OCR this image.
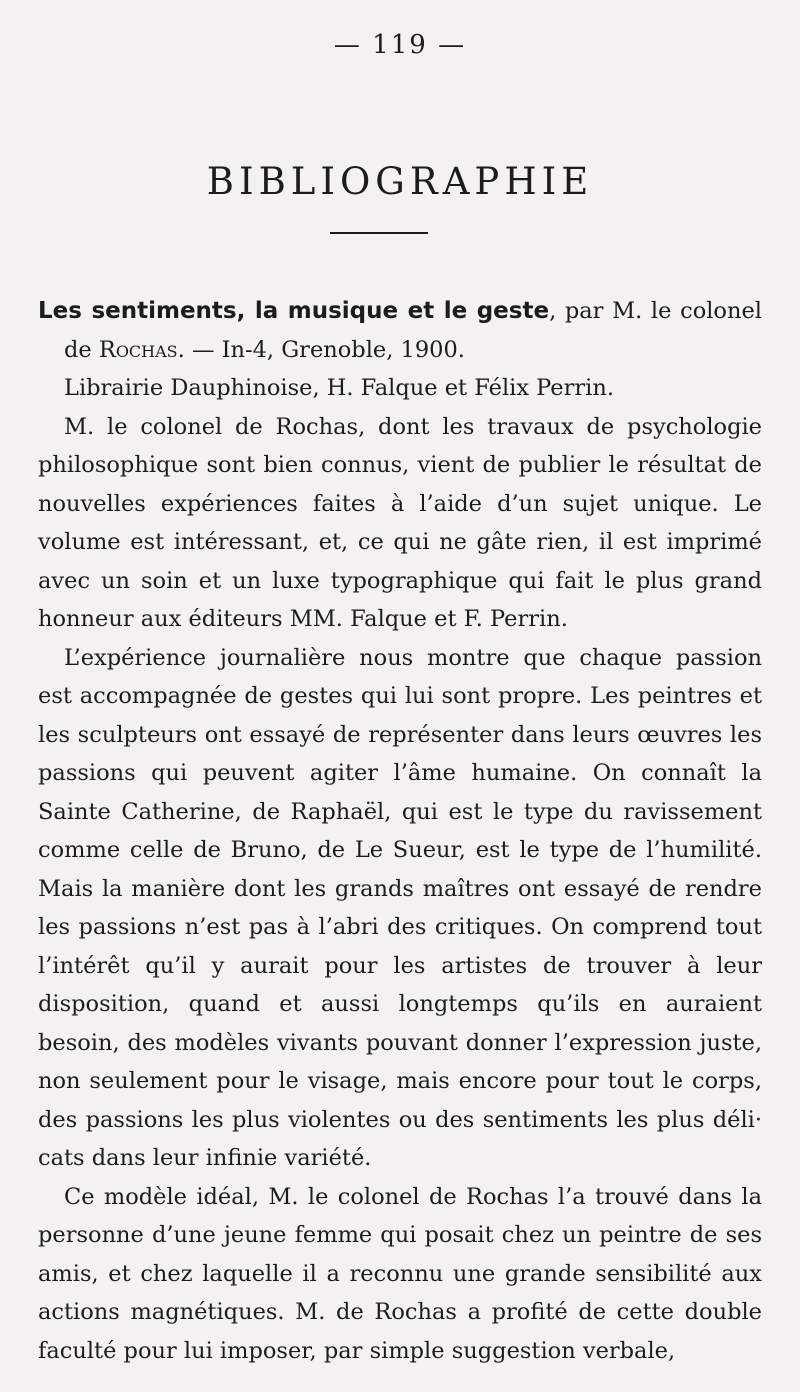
— 119 —
BIBLIOGRAPHIE

Les sentiments, la musique et le geste, par M. le colonel de Rochas. — In-4, Grenoble, 1900.

Librairie Dauphinoise, H. Falque et Félix Perrin.

M. le colonel de Rochas, dont les travaux de psychologie philosophique sont bien connus, vient de publier le résultat de nouvelles expériences faites à l’aide d’un sujet unique. Le volume est intéressant, et, ce qui ne gâte rien, il est imprimé avec un soin et un luxe typographique qui fait le plus grand honneur aux éditeurs MM. Falque et F. Perrin.

L’expérience journalière nous montre que chaque passion est accompagnée de gestes qui lui sont propre. Les peintres et les sculpteurs ont essayé de représenter dans leurs œuvres les passions qui peuvent agiter l’âme humaine. On connaît la Sainte Catherine, de Raphaël, qui est le type du ravissement comme celle de Bruno, de Le Sueur, est le type de l’humilité. Mais la manière dont les grands maîtres ont essayé de rendre les passions n’est pas à l’abri des critiques. On comprend tout l’intérêt qu’il y aurait pour les artistes de trouver à leur disposition, quand et aussi longtemps qu’ils en auraient besoin, des modèles vivants pouvant donner l’expression juste, non seulement pour le visage, mais encore pour tout le corps, des passions les plus violentes ou des sentiments les plus déli· cats dans leur infinie variété.

Ce modèle idéal, M. le colonel de Rochas l’a trouvé dans la personne d’une jeune femme qui posait chez un peintre de ses amis, et chez laquelle il a reconnu une grande sensibilité aux actions magnétiques. M. de Rochas a profité de cette double faculté pour lui imposer, par simple suggestion verbale,
